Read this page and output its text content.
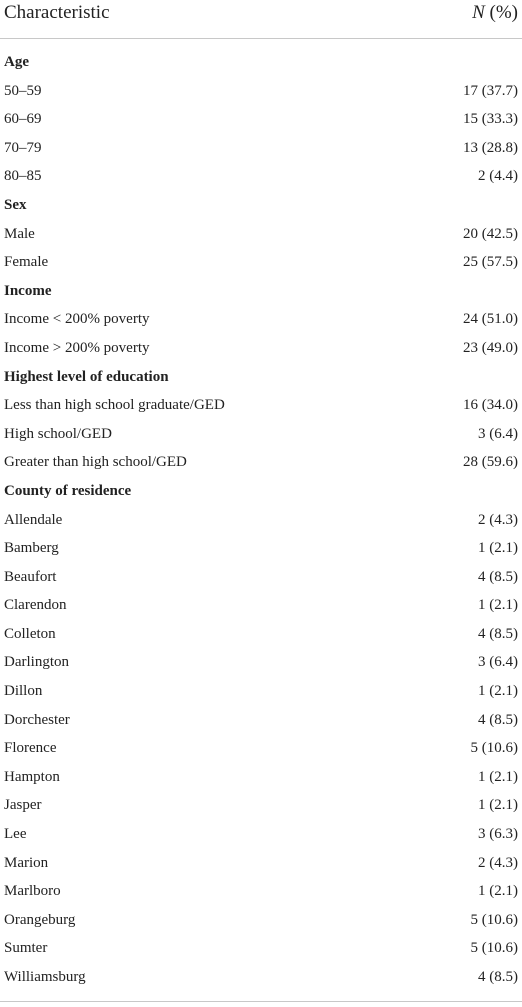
Characteristic	N (%)
Age
50–59	17 (37.7)
60–69	15 (33.3)
70–79	13 (28.8)
80–85	2 (4.4)
Sex
Male	20 (42.5)
Female	25 (57.5)
Income
Income < 200% poverty	24 (51.0)
Income > 200% poverty	23 (49.0)
Highest level of education
Less than high school graduate/GED	16 (34.0)
High school/GED	3 (6.4)
Greater than high school/GED	28 (59.6)
County of residence
Allendale	2 (4.3)
Bamberg	1 (2.1)
Beaufort	4 (8.5)
Clarendon	1 (2.1)
Colleton	4 (8.5)
Darlington	3 (6.4)
Dillon	1 (2.1)
Dorchester	4 (8.5)
Florence	5 (10.6)
Hampton	1 (2.1)
Jasper	1 (2.1)
Lee	3 (6.3)
Marion	2 (4.3)
Marlboro	1 (2.1)
Orangeburg	5 (10.6)
Sumter	5 (10.6)
Williamsburg	4 (8.5)
